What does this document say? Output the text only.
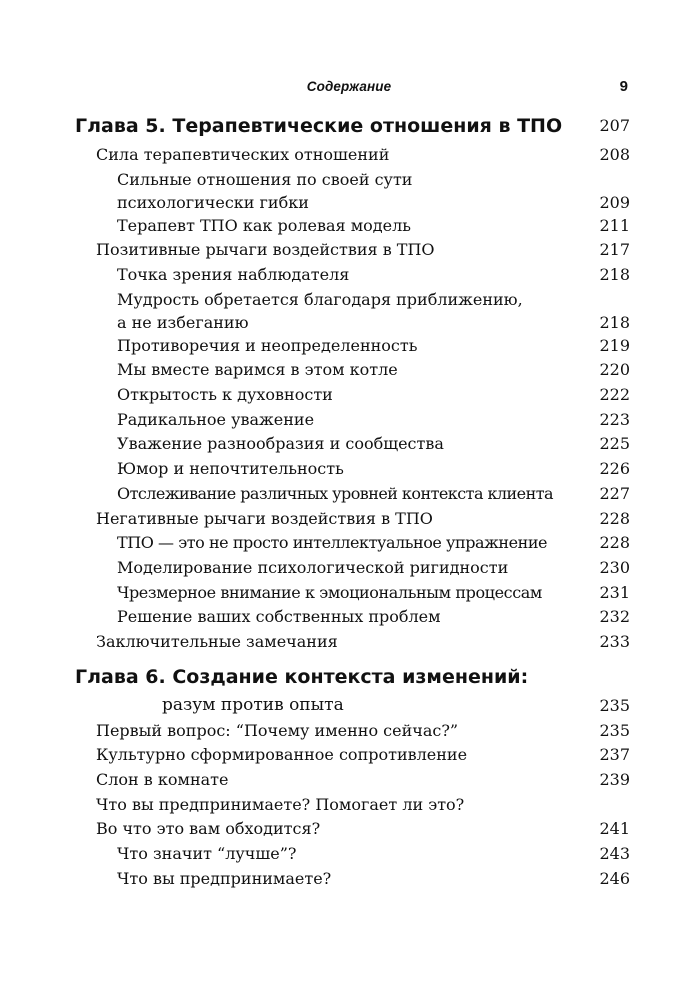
Содержание	9
Глава 5. Терапевтические отношения в ТПО	207
Сила терапевтических отношений	208
Сильные отношения по своей сути психологически гибки	209
Терапевт ТПО как ролевая модель	211
Позитивные рычаги воздействия в ТПО	217
Точка зрения наблюдателя	218
Мудрость обретается благодаря приближению, а не избеганию	218
Противоречия и неопределенность	219
Мы вместе варимся в этом котле	220
Открытость к духовности	222
Радикальное уважение	223
Уважение разнообразия и сообщества	225
Юмор и непочтительность	226
Отслеживание различных уровней контекста клиента	227
Негативные рычаги воздействия в ТПО	228
ТПО — это не просто интеллектуальное упражнение	228
Моделирование психологической ригидности	230
Чрезмерное внимание к эмоциональным процессам	231
Решение ваших собственных проблем	232
Заключительные замечания	233
Глава 6. Создание контекста изменений:
разум против опыта	235
Первый вопрос: “Почему именно сейчас?”	235
Культурно сформированное сопротивление	237
Слон в комнате	239
Что вы предпринимаете? Помогает ли это?
Во что это вам обходится?	241
Что значит “лучше”?	243
Что вы предпринимаете?	246
